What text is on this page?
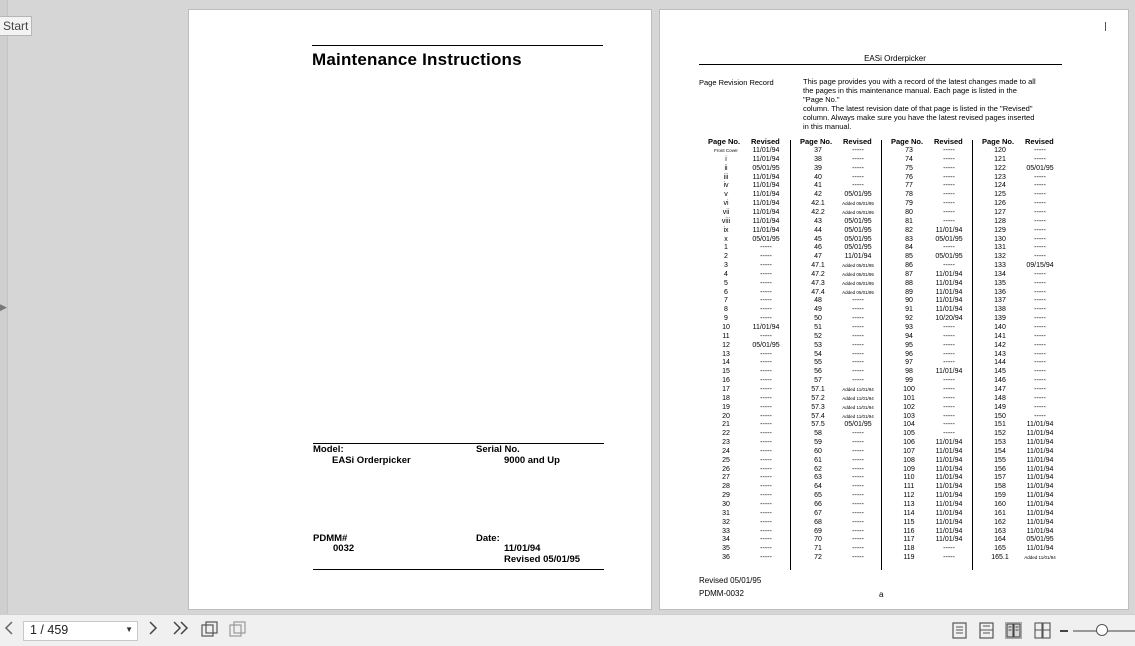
▶
Start
Maintenance Instructions
Model:
EASi Orderpicker
Serial No.
9000 and Up
PDMM#
0032
Date:
11/01/94
Revised 05/01/95
EASi Orderpicker
Page Revision Record	This page provides you with a record of the latest changes made to all
the pages in this maintenance manual. Each page is listed in the
"Page No."
column. The latest revision date of that page is listed in the "Revised"
column. Always make sure you have the latest revised pages inserted
in this manual.
Page No. Revised
Front Cover	11/01/94
i	11/01/94
ii	05/01/95
iii	11/01/94
iv	11/01/94
v	11/01/94
vi	11/01/94
vii	11/01/94
viii	11/01/94
ix	11/01/94
x	05/01/95
1	-----
2	-----
3	-----
4	-----
5	-----
6	-----
7	-----
8	-----
9	-----
10	11/01/94
11	-----
12	05/01/95
13	-----
14	-----
15	-----
16	-----
17	-----
18	-----
19	-----
20	-----
21	-----
22	-----
23	-----
24	-----
25	-----
26	-----
27	-----
28	-----
29	-----
30	-----
31	-----
32	-----
33	-----
34	-----
35	-----
36	-----
Page No. Revised
37	-----
38	-----
39	-----
40	-----
41	-----
42	05/01/95
42.1	Added 05/01/95
42.2	Added 05/01/95
43	05/01/95
44	05/01/95
45	05/01/95
46	05/01/95
47	11/01/94
47.1	Added 05/01/95
47.2	Added 05/01/95
47.3	Added 05/01/95
47.4	Added 05/01/95
48	-----
49	-----
50	-----
51	-----
52	-----
53	-----
54	-----
55	-----
56	-----
57	-----
57.1	Added 11/01/94
57.2	Added 11/01/94
57.3	Added 11/01/94
57.4	Added 11/01/94
57.5	05/01/95
58	-----
59	-----
60	-----
61	-----
62	-----
63	-----
64	-----
65	-----
66	-----
67	-----
68	-----
69	-----
70	-----
71	-----
72	-----
Page No. Revised
73	-----
74	-----
75	-----
76	-----
77	-----
78	-----
79	-----
80	-----
81	-----
82	11/01/94
83	05/01/95
84	-----
85	05/01/95
86	-----
87	11/01/94
88	11/01/94
89	11/01/94
90	11/01/94
91	11/01/94
92	10/20/94
93	-----
94	-----
95	-----
96	-----
97	-----
98	11/01/94
99	-----
100	-----
101	-----
102	-----
103	-----
104	-----
105	-----
106	11/01/94
107	11/01/94
108	11/01/94
109	11/01/94
110	11/01/94
111	11/01/94
112	11/01/94
113	11/01/94
114	11/01/94
115	11/01/94
116	11/01/94
117	11/01/94
118	-----
119	-----
Page No. Revised
120	-----
121	-----
122	05/01/95
123	-----
124	-----
125	-----
126	-----
127	-----
128	-----
129	-----
130	-----
131	-----
132	-----
133	09/15/94
134	-----
135	-----
136	-----
137	-----
138	-----
139	-----
140	-----
141	-----
142	-----
143	-----
144	-----
145	-----
146	-----
147	-----
148	-----
149	-----
150	-----
151	11/01/94
152	11/01/94
153	11/01/94
154	11/01/94
155	11/01/94
156	11/01/94
157	11/01/94
158	11/01/94
159	11/01/94
160	11/01/94
161	11/01/94
162	11/01/94
163	11/01/94
164	05/01/95
165	11/01/94
165.1	Added 11/01/94
Revised 05/01/95
PDMM-0032	a
1 / 459	▼
